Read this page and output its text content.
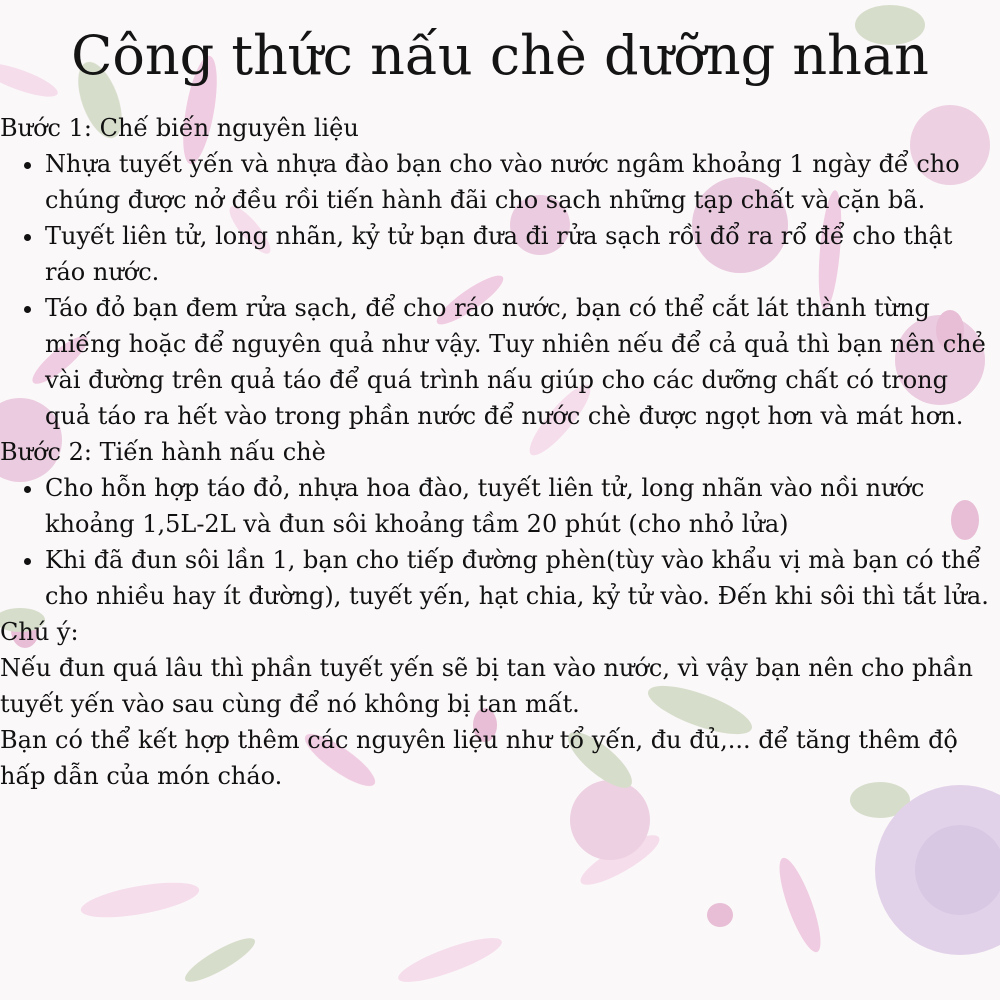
Công thức nấu chè dưỡng nhan
Bước 1: Chế biến nguyên liệu
• Nhựa tuyết yến và nhựa đào bạn cho vào nước ngâm khoảng 1 ngày để cho chúng được nở đều rồi tiến hành đãi cho sạch những tạp chất và cặn bã.
• Tuyết liên tử, long nhãn, kỷ tử bạn đưa đi rửa sạch rồi đổ ra rổ để cho thật ráo nước.
• Táo đỏ bạn đem rửa sạch, để cho ráo nước, bạn có thể cắt lát thành từng miếng hoặc để nguyên quả như vậy. Tuy nhiên nếu để cả quả thì bạn nên chẻ vài đường trên quả táo để quá trình nấu giúp cho các dưỡng chất có trong quả táo ra hết vào trong phần nước để nước chè được ngọt hơn và mát hơn.
Bước 2: Tiến hành nấu chè
• Cho hỗn hợp táo đỏ, nhựa hoa đào, tuyết liên tử, long nhãn vào nồi nước khoảng 1,5L-2L và đun sôi khoảng tầm 20 phút (cho nhỏ lửa)
• Khi đã đun sôi lần 1, bạn cho tiếp đường phèn(tùy vào khẩu vị mà bạn có thể cho nhiều hay ít đường), tuyết yến, hạt chia, kỷ tử vào. Đến khi sôi thì tắt lửa.

Chú ý:

Nếu đun quá lâu thì phần tuyết yến sẽ bị tan vào nước, vì vậy bạn nên cho phần tuyết yến vào sau cùng để nó không bị tan mất.

Bạn có thể kết hợp thêm các nguyên liệu như tổ yến, đu đủ,... để tăng thêm độ hấp dẫn của món cháo.
